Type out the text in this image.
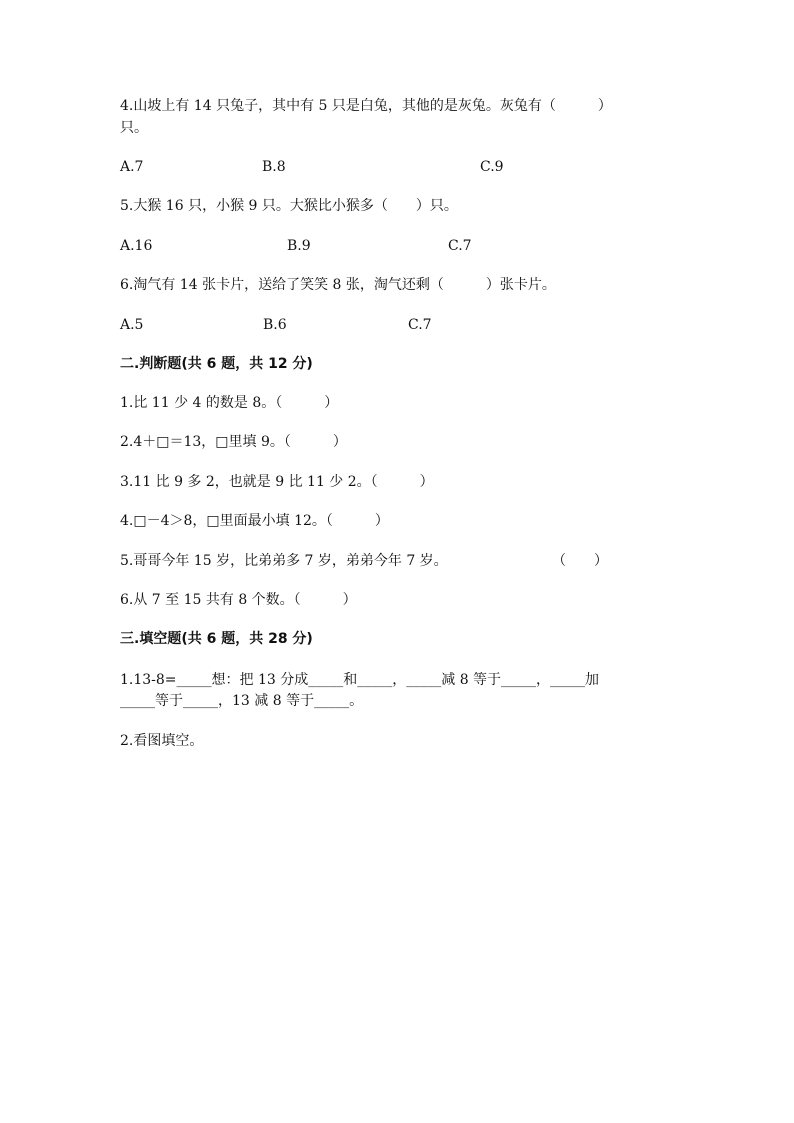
4.山坡上有 14 只兔子，其中有 5 只是白兔，其他的是灰兔。灰兔有（　　　）
只。
A.7	B.8	C.9
5.大猴 16 只，小猴 9 只。大猴比小猴多（　　）只。
A.16	B.9	C.7
6.淘气有 14 张卡片，送给了笑笑 8 张，淘气还剩（　　　）张卡片。
A.5	B.6	C.7
二.判断题(共 6 题，共 12 分)
1.比 11 少 4 的数是 8。（　　　）
2.4＋□＝13，□里填 9。（　　　）
3.11 比 9 多 2，也就是 9 比 11 少 2。（　　　）
4.□－4＞8，□里面最小填 12。（　　　）
5.哥哥今年 15 岁，比弟弟多 7 岁，弟弟今年 7 岁。	（　　）
6.从 7 至 15 共有 8 个数。（　　　）
三.填空题(共 6 题，共 28 分)
1.13-8=_____想：把 13 分成_____和_____，_____减 8 等于_____，_____加
_____等于_____，13 减 8 等于_____。
2.看图填空。
